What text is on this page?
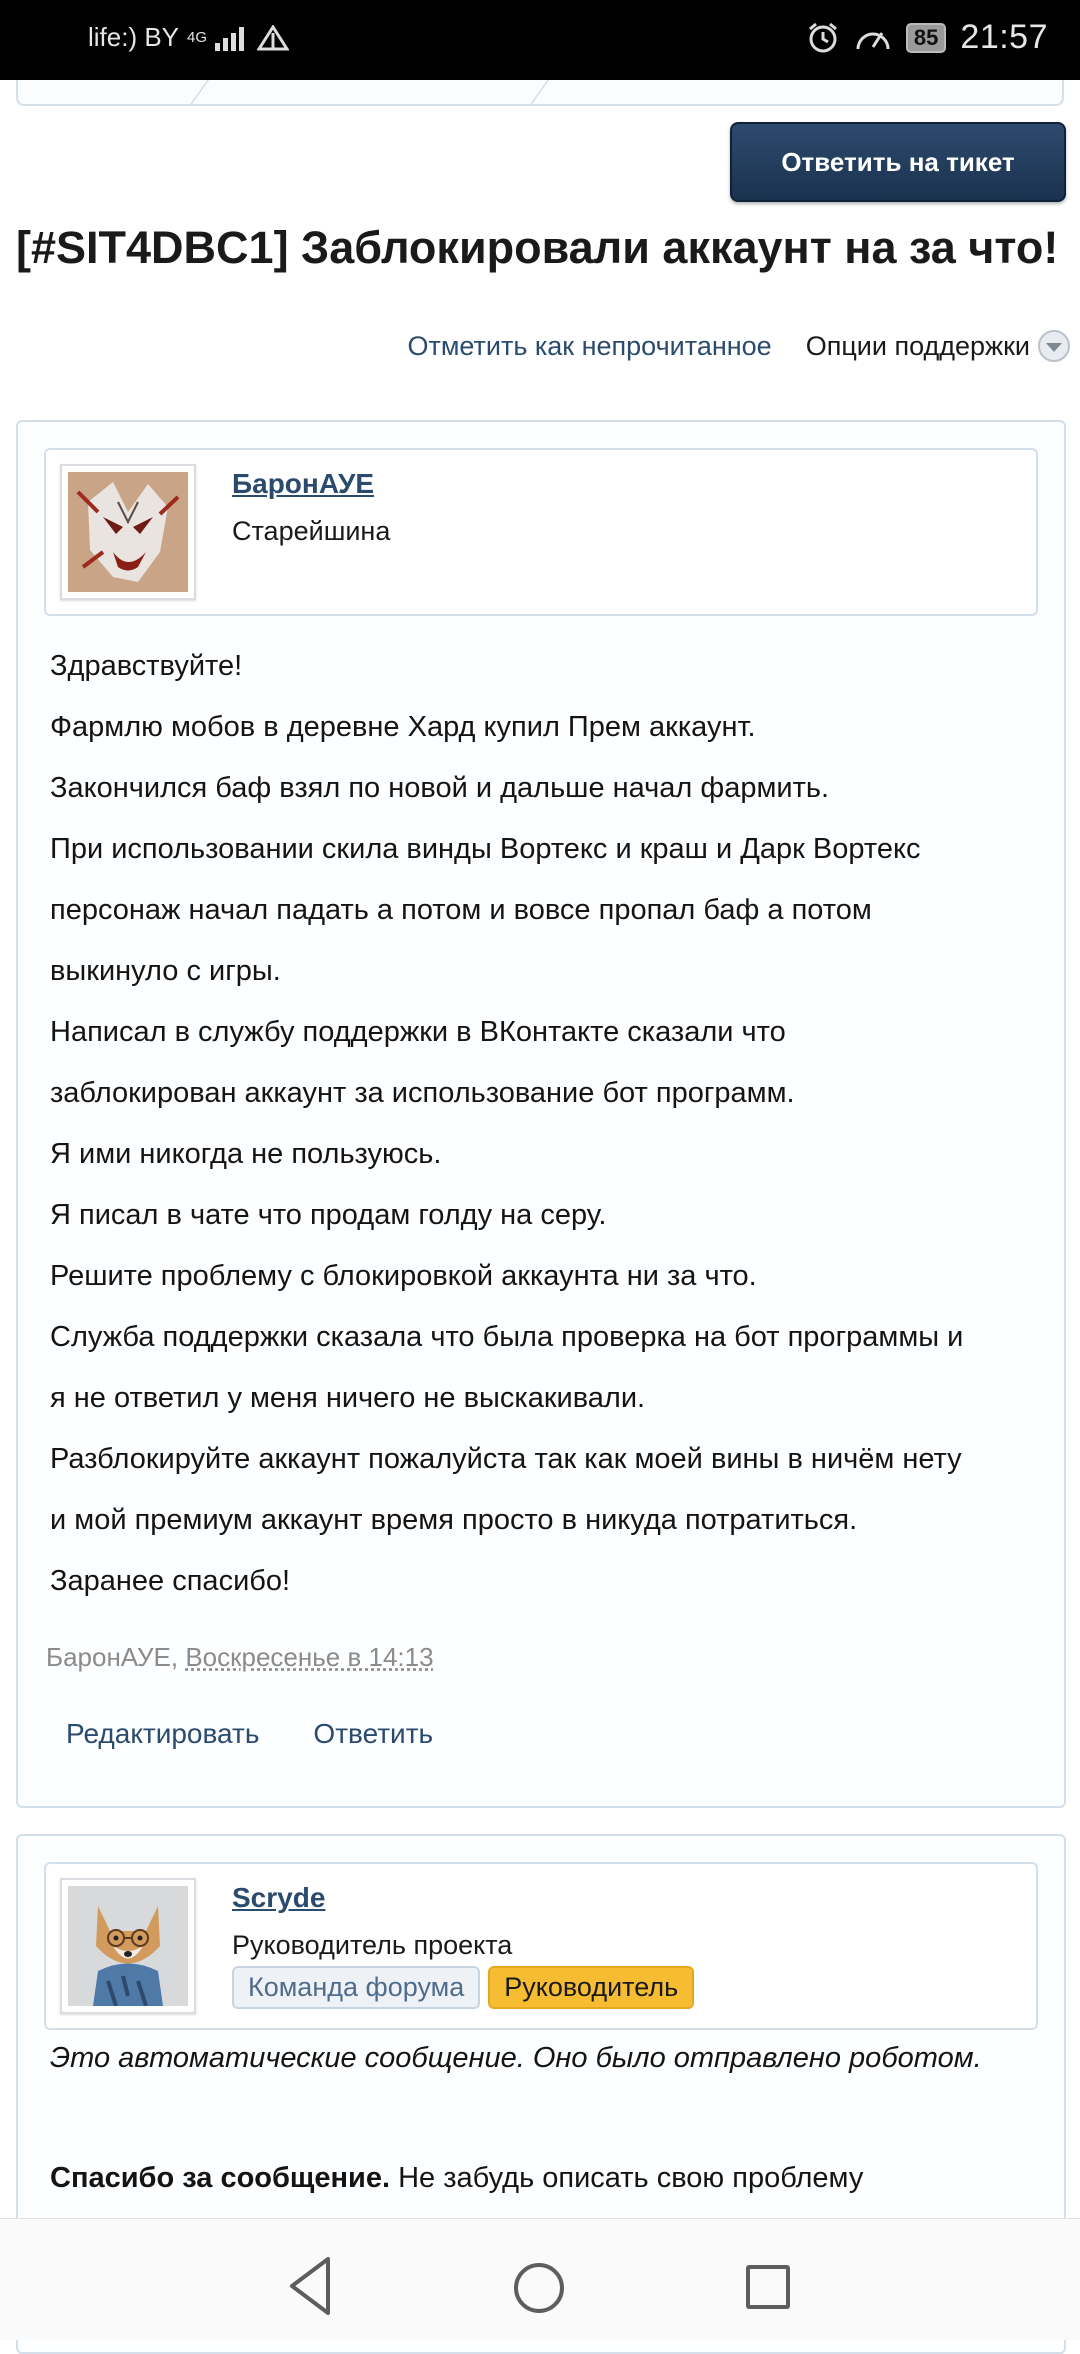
life:) BY 4G	85 21:57
Ответить на тикет
[#SIT4DBC1] Заблокировали аккаунт на за что!
Отметить как непрочитанное Опции поддержки
БаронАУЕ
Старейшина

Здравствуйте!

Фармлю мобов в деревне Хард купил Прем аккаунт.

Закончился баф взял по новой и дальше начал фармить.

При использовании скила винды Вортекс и краш и Дарк Вортекс

персонаж начал падать а потом и вовсе пропал баф а потом

выкинуло с игры.

Написал в службу поддержки в ВКонтакте сказали что

заблокирован аккаунт за использование бот программ.

Я ими никогда не пользуюсь.

Я писал в чате что продам голду на серу.

Решите проблему с блокировкой аккаунта ни за что.

Служба поддержки сказала что была проверка на бот программы и

я не ответил у меня ничего не выскакивали.

Разблокируйте аккаунт пожалуйста так как моей вины в ничём нету

и мой премиум аккаунт время просто в никуда потратиться.

Заранее спасибо!

БаронАУЕ, Воскресенье в 14:13
Редактировать Ответить
Scryde
Руководитель проекта
Команда форума	Руководитель
Это автоматические сообщение. Оно было отправлено роботом.
Спасибо за сообщение. Не забудь описать свою проблему
